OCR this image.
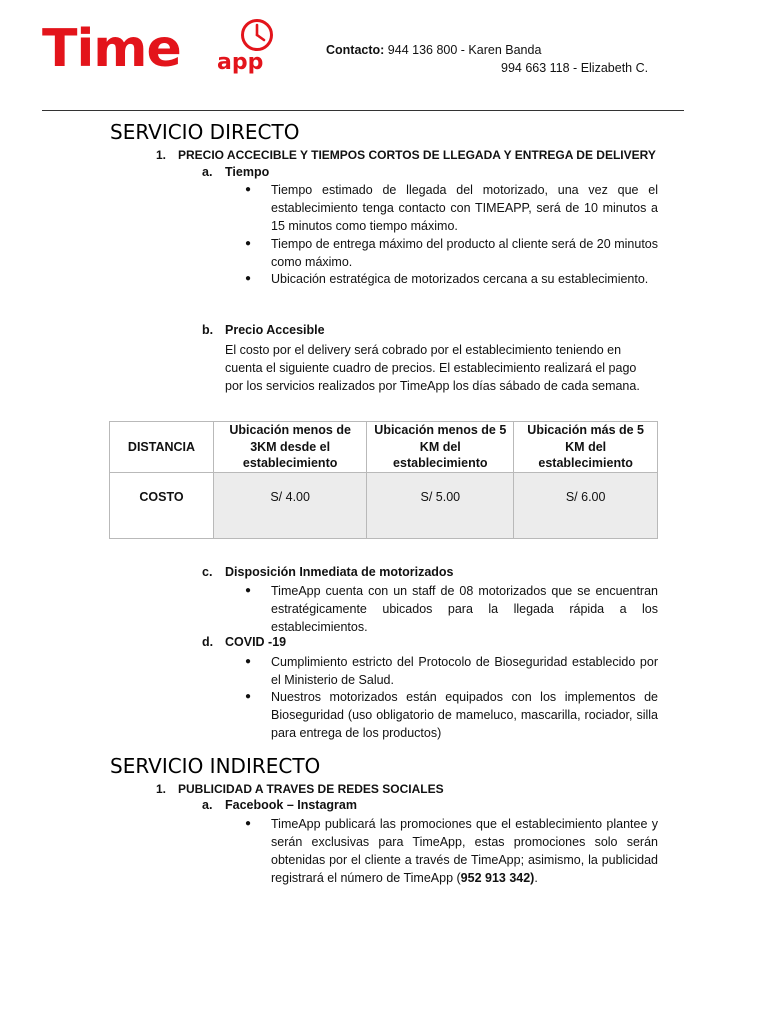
Time app	Contacto: 944 136 800 - Karen Banda
994 663 118 - Elizabeth C.
SERVICIO DIRECTO
1. PRECIO ACCECIBLE Y TIEMPOS CORTOS DE LLEGADA Y ENTREGA DE DELIVERY
a. Tiempo
● Tiempo estimado de llegada del motorizado, una vez que el establecimiento tenga contacto con TIMEAPP, será de 10 minutos a 15 minutos como tiempo máximo.
● Tiempo de entrega máximo del producto al cliente será de 20 minutos como máximo.
● Ubicación estratégica de motorizados cercana a su establecimiento.
b. Precio Accesible
El costo por el delivery será cobrado por el establecimiento teniendo en cuenta el siguiente cuadro de precios. El establecimiento realizará el pago por los servicios realizados por TimeApp los días sábado de cada semana.
DISTANCIA	Ubicación menos de 3KM desde el establecimiento	Ubicación menos de 5 KM del establecimiento	Ubicación más de 5 KM del establecimiento
COSTO	S/ 4.00	S/ 5.00	S/ 6.00
c. Disposición Inmediata de motorizados
● TimeApp cuenta con un staff de 08 motorizados que se encuentran estratégicamente ubicados para la llegada rápida a los establecimientos.
d. COVID -19
● Cumplimiento estricto del Protocolo de Bioseguridad establecido por el Ministerio de Salud.
● Nuestros motorizados están equipados con los implementos de Bioseguridad (uso obligatorio de mameluco, mascarilla, rociador, silla para entrega de los productos)
SERVICIO INDIRECTO
1. PUBLICIDAD A TRAVES DE REDES SOCIALES
a. Facebook – Instagram
● TimeApp publicará las promociones que el establecimiento plantee y serán exclusivas para TimeApp, estas promociones solo serán obtenidas por el cliente a través de TimeApp; asimismo, la publicidad registrará el número de TimeApp (952 913 342).
